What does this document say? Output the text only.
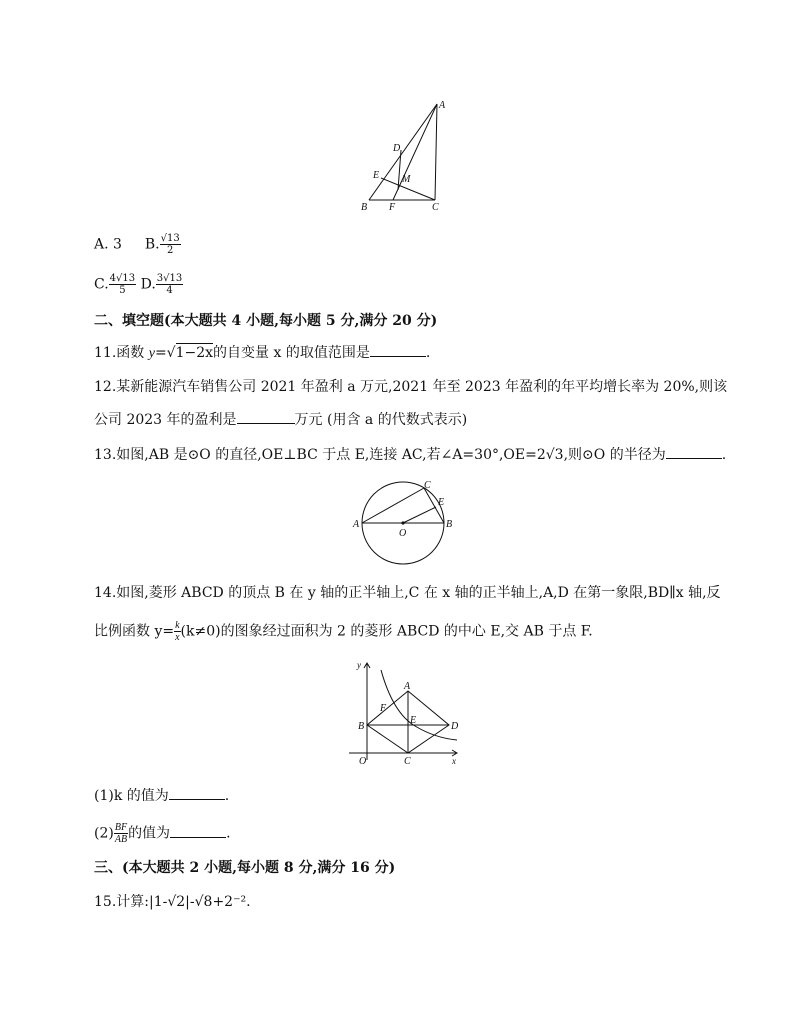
A
D
E M
B F	C
A. 3 B. $\frac{√13}{2}$
C. $\frac{4√13}{5} D$. $\frac{3√13}{4}$
二、填空题(本大题共 4 小题,每小题 5 分,满分 20 分)
11.函数 y=√1−2x的自变量 x 的取值范围是	.
12.某新能源汽车销售公司 2021 年盈利 a 万元,2021 年至 2023 年盈利的年平均增长率为 20%,则该
公司 2023 年的盈利是	万元 (用含 a 的代数式表示)
13.如图,AB 是⊙O 的直径,OE⊥BC 于点 E,连接 AC,若∠A=30°,OE=2√3,则⊙O 的半径为	.
C
E
A
O
B
14.如图,菱形 ABCD 的顶点 B 在 y 轴的正半轴上,C 在 x 轴的正半轴上,A,D 在第一象限,BD∥x 轴,反
比例函数 $y= \frac{k}{x} (k\ne 0)$的图象经过面积为 2 的菱形 ABCD 的中心 E,交 AB 于点 F.
y
A
F
B
E
D
O	C	x
(1)k 的值为	.
$(2) \frac{BF}{AB}$ 的值为	.
三、(本大题共 2 小题,每小题 8 分,满分 16 分)
15.计算:|1-√2|-√8+2⁻².
